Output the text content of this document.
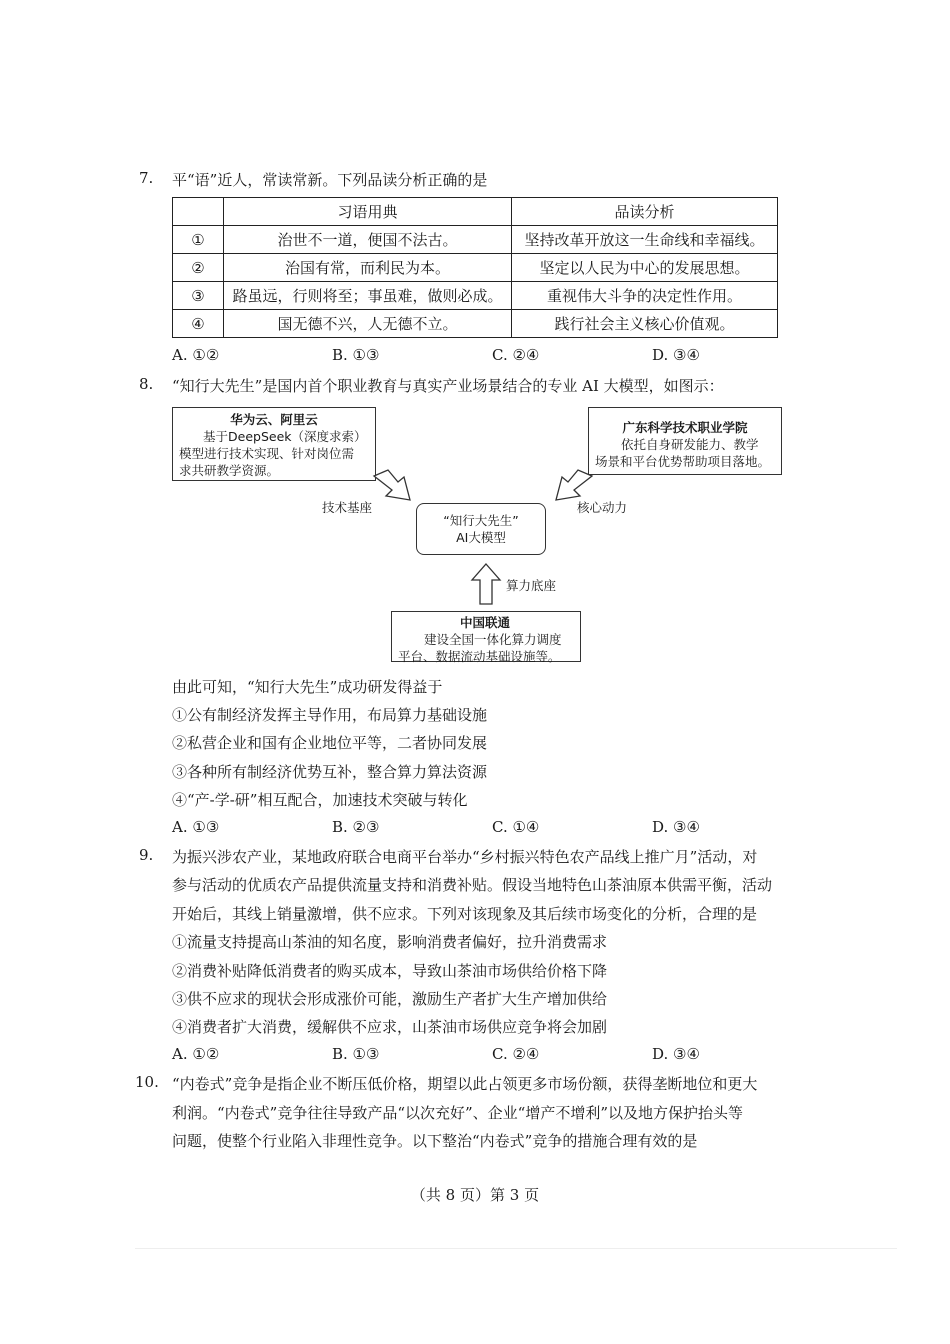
7. 平“语”近人，常读常新。下列品读分析正确的是
	习语用典	品读分析
①	治世不一道，便国不法古。	坚持改革开放这一生命线和幸福线。
②	治国有常，而利民为本。	坚定以人民为中心的发展思想。
③	路虽远，行则将至；事虽难，做则必成。	重视伟大斗争的决定性作用。
④	国无德不兴，人无德不立。	践行社会主义核心价值观。
A. ①②	B. ①③	C. ②④	D. ③④
8. “知行大先生”是国内首个职业教育与真实产业场景结合的专业 AI 大模型，如图示：
华为云、阿里云
基于DeepSeek（深度求索）
模型进行技术实现、针对岗位需
求共研教学资源。
广东科学技术职业学院
依托自身研发能力、教学
场景和平台优势帮助项目落地。
中国联通
建设全国一体化算力调度
平台、数据流动基础设施等。
“知行大先生”
AI大模型
技术基座	核心动力
算力底座
由此可知，“知行大先生”成功研发得益于
①公有制经济发挥主导作用，布局算力基础设施
②私营企业和国有企业地位平等，二者协同发展
③各种所有制经济优势互补，整合算力算法资源
④“产-学-研”相互配合，加速技术突破与转化
A. ①③	B. ②③	C. ①④	D. ③④
9. 为振兴涉农产业，某地政府联合电商平台举办“乡村振兴特色农产品线上推广月”活动，对
参与活动的优质农产品提供流量支持和消费补贴。假设当地特色山茶油原本供需平衡，活动
开始后，其线上销量激增，供不应求。下列对该现象及其后续市场变化的分析，合理的是
①流量支持提高山茶油的知名度，影响消费者偏好，拉升消费需求
②消费补贴降低消费者的购买成本，导致山茶油市场供给价格下降
③供不应求的现状会形成涨价可能，激励生产者扩大生产增加供给
④消费者扩大消费，缓解供不应求，山茶油市场供应竞争将会加剧
A. ①②	B. ①③	C. ②④	D. ③④
10. “内卷式”竞争是指企业不断压低价格，期望以此占领更多市场份额，获得垄断地位和更大
利润。“内卷式”竞争往往导致产品“以次充好”、企业“增产不增利”以及地方保护抬头等
问题，使整个行业陷入非理性竞争。以下整治“内卷式”竞争的措施合理有效的是
（共 8 页）第 3 页
